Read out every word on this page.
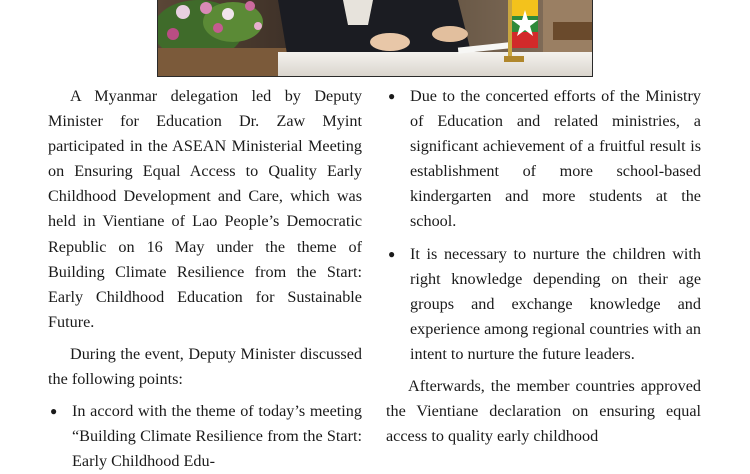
A Myanmar delegation led by Deputy Minister for Education Dr. Zaw Myint participated in the ASEAN Ministerial Meeting on Ensuring Equal Access to Quality Early Childhood Development and Care, which was held in Vientiane of Lao People’s Democratic Republic on 16 May under the theme of Building Climate Resilience from the Start: Early Childhood Education for Sustainable Future.

During the event, Deputy Minister discussed the following points:

● In accord with the theme of today’s meeting “Building Climate Resilience from the Start: Early Childhood Edu-

● Due to the concerted efforts of the Ministry of Education and related ministries, a significant achievement of a fruitful result is establishment of more school-based kindergarten and more students at the school.

● It is necessary to nurture the children with right knowledge depending on their age groups and exchange knowledge and experience among regional countries with an intent to nurture the future leaders.

Afterwards, the member countries approved the Vientiane declaration on ensuring equal access to quality early childhood
